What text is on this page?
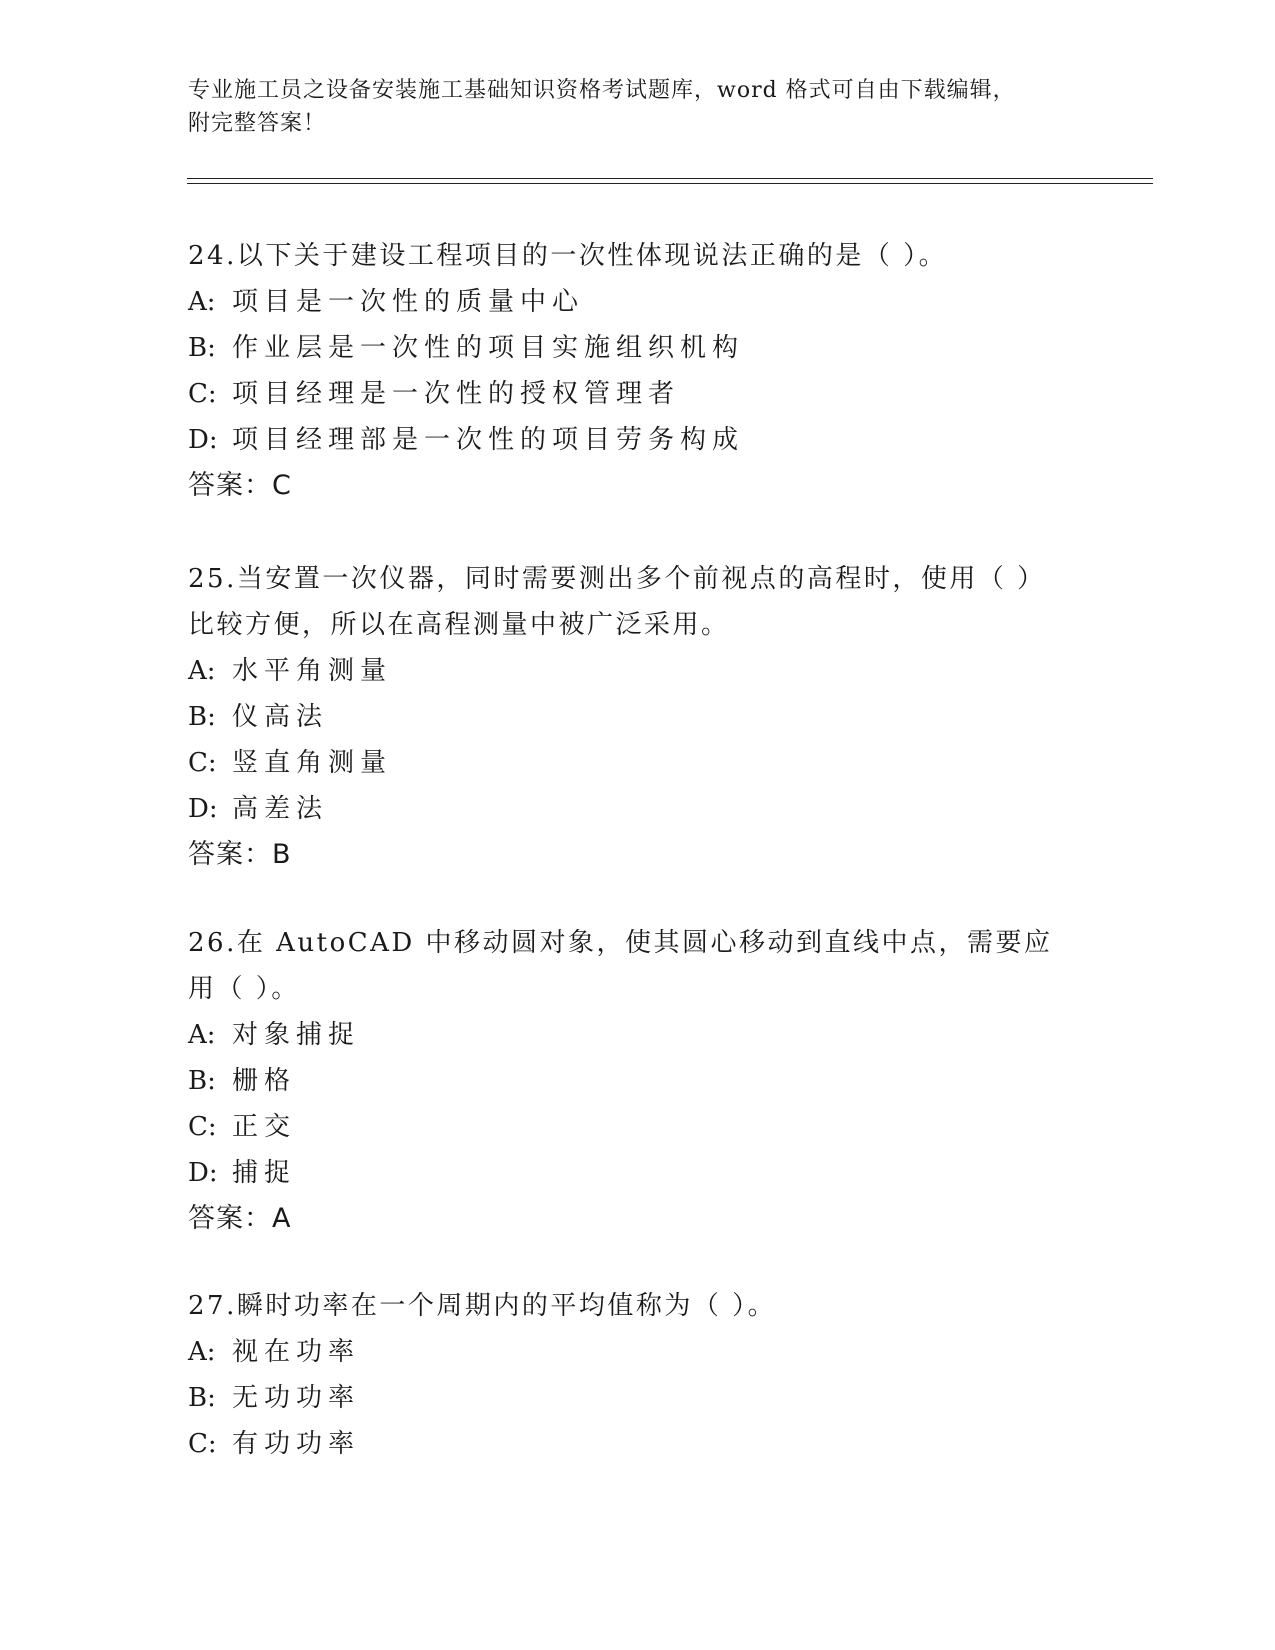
专业施工员之设备安装施工基础知识资格考试题库，word 格式可自由下载编辑，
附完整答案！

24.以下关于建设工程项目的一次性体现说法正确的是（ ）。

A: 项目是一次性的质量中心

B: 作业层是一次性的项目实施组织机构

C: 项目经理是一次性的授权管理者

D: 项目经理部是一次性的项目劳务构成

答案：C

25.当安置一次仪器，同时需要测出多个前视点的高程时，使用（ ）比较方便，所以在高程测量中被广泛采用。

A: 水平角测量

B: 仪高法

C: 竖直角测量

D: 高差法

答案：B

26.在 AutoCAD 中移动圆对象，使其圆心移动到直线中点，需要应用（ ）。

A: 对象捕捉

B: 栅格

C: 正交

D: 捕捉

答案：A

27.瞬时功率在一个周期内的平均值称为（ ）。

A: 视在功率

B: 无功功率

C: 有功功率
